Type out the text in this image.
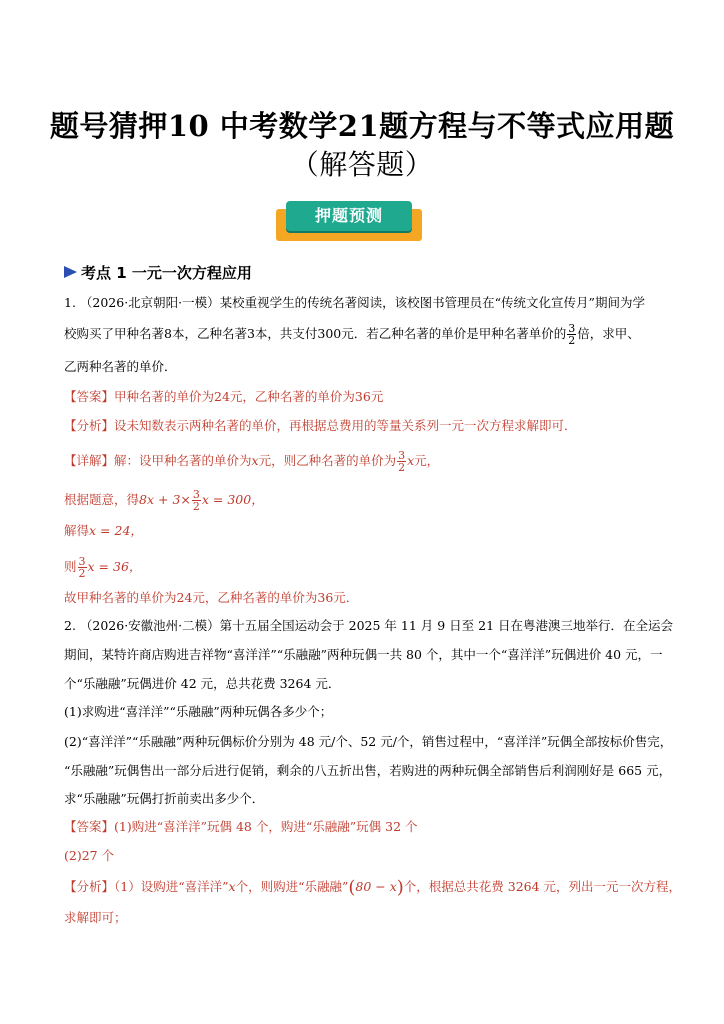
题号猜押10 中考数学21题方程与不等式应用题
（解答题）
押题预测
考点 1 一元一次方程应用
1. （2026·北京朝阳·一模）某校重视学生的传统名著阅读，该校图书管理员在“传统文化宣传月”期间为学
校购买了甲种名著8本，乙种名著3本，共支付300元．若乙种名著的单价是甲种名著单价的 $\frac{3}{2}$ 倍，求甲、
乙两种名著的单价．
【答案】甲种名著的单价为24元，乙种名著的单价为36元
【分析】设未知数表示两种名著的单价，再根据总费用的等量关系列一元一次方程求解即可．
【详解】解：设甲种名著的单价为x元，则乙种名著的单价为 $\frac{3}{2}$ x元，
根据题意，得$8x + 3\times \frac{3}{2}$ x = 300，
解得x = 24，
则 $\frac{3}{2}$ x = 36，
故甲种名著的单价为24元，乙种名著的单价为36元．
2. （2026·安徽池州·二模）第十五届全国运动会于 2025 年 11 月 9 日至 21 日在粤港澳三地举行．在全运会
期间，某特许商店购进吉祥物“喜洋洋”“乐融融”两种玩偶一共 80 个，其中一个“喜洋洋”玩偶进价 40 元，一
个“乐融融”玩偶进价 42 元，总共花费 3264 元．
(1)求购进“喜洋洋”“乐融融”两种玩偶各多少个；
(2)“喜洋洋”“乐融融”两种玩偶标价分别为 48 元/个、52 元/个，销售过程中，“喜洋洋”玩偶全部按标价售完，
“乐融融”玩偶售出一部分后进行促销，剩余的八五折出售，若购进的两种玩偶全部销售后利润刚好是 665 元，
求“乐融融”玩偶打折前卖出多少个．
【答案】(1)购进“喜洋洋”玩偶 48 个，购进“乐融融”玩偶 32 个
(2)27 个
【分析】（1）设购进“喜洋洋”x个，则购进“乐融融”(80 − x)个，根据总共花费 3264 元，列出一元一次方程，
求解即可；
